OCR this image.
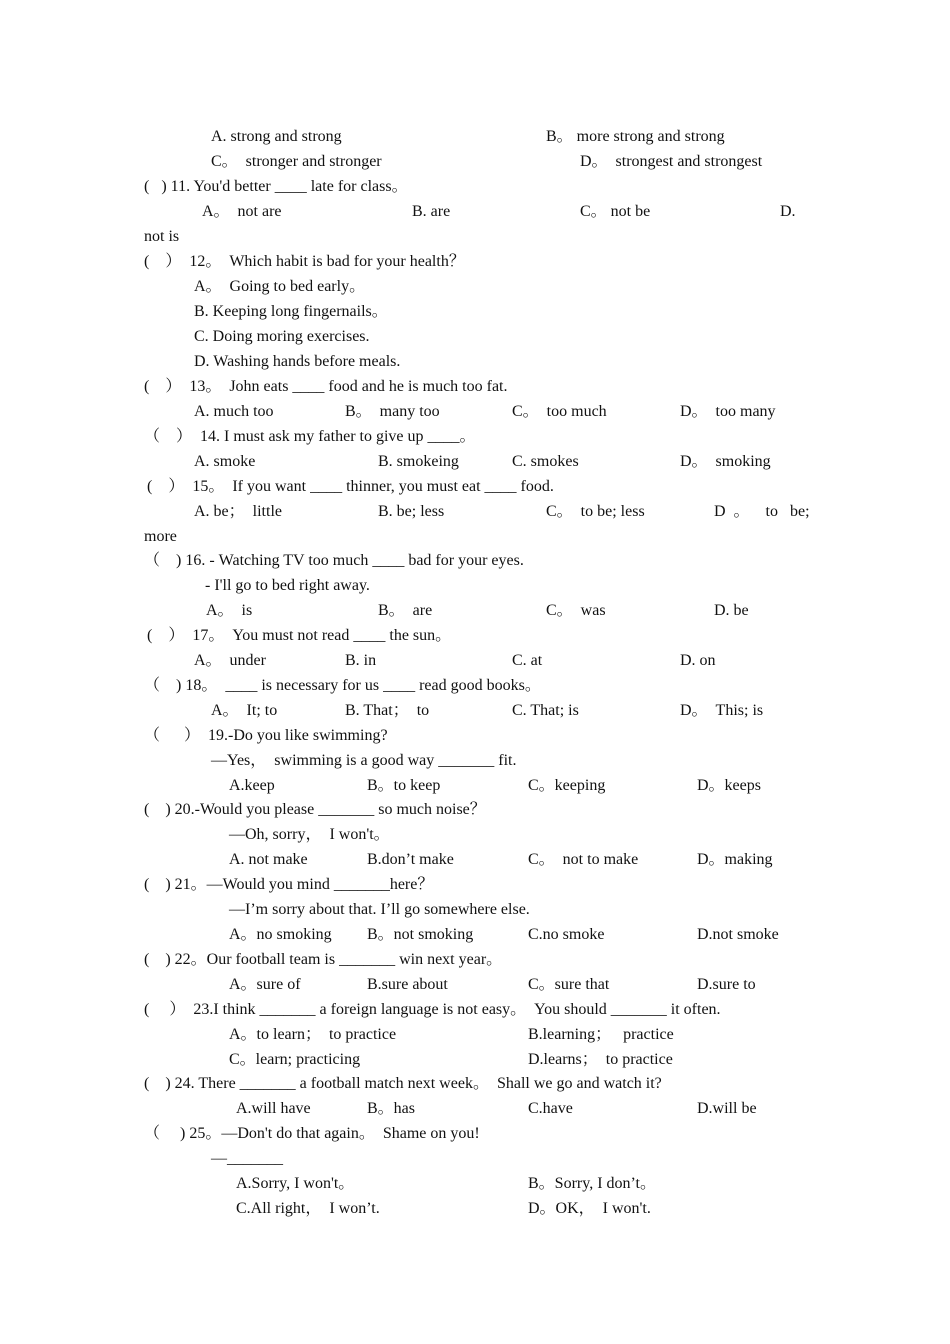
A. strong and strong	B。 more strong and strong
C。  stronger and stronger	D。  strongest and strongest
(   ) 11. You'd better ____ late for class。
A。  not are	B. are	C。 not be	D.
not is
(    ）  12。  Which habit is bad for your health？
A。  Going to bed early。
B. Keeping long fingernails。
C. Doing moring exercises.
D. Washing hands before meals.
(    ）  13。  John eats ____ food and he is much too fat.
A. much too	B。  many too	C。  too much	D。  too many
（    ）  14. I must ask my father to give up ____。
A. smoke	B. smokeing	C. smokes	D。  smoking
(    ）  15。  If you want ____ thinner, you must eat ____ food.
A. be；  little	B. be; less	C。  to be; less	D  。    to   be;
more
（    ) 16. - Watching TV too much ____ bad for your eyes.
- I'll go to bed right away.
A。  is	B。  are	C。  was	D. be
(    ）  17。  You must not read ____ the sun。
A。  under	B. in	C. at	D. on
（    ) 18。  ____ is necessary for us ____ read good books。
A。  It; to	B. That；  to	C. That; is	D。  This; is
（      ）  19.-Do you like swimming?
—Yes，  swimming is a good way _______ fit.
A.keep	B。to keep	C。keeping	D。keeps
(    ) 20.-Would you please _______ so much noise？
—Oh, sorry，  I won't。
A. not make	B.don’t make	C。  not to make	D。making
(    ) 21。—Would you mind _______here？
—I’m sorry about that. I’ll go somewhere else.
A。no smoking B。not smoking	C.no smoke	D.not smoke
(    ) 22。Our football team is _______ win next year。
A。sure of	B.sure about	C。sure that	D.sure to
(     ）  23.I think _______ a foreign language is not easy。  You should _______ it often.
A。to learn；  to practice	B.learning；   practice
C。learn; practicing	D.learns；  to practice
(    ) 24. There _______ a football match next week。  Shall we go and watch it?
A.will have	B。has	C.have	D.will be
（     ) 25。—Don't do that again。  Shame on you!
—_______
A.Sorry, I won't。	B。Sorry, I don’t。
C.All right，  I won’t.	D。OK，  I won't.
